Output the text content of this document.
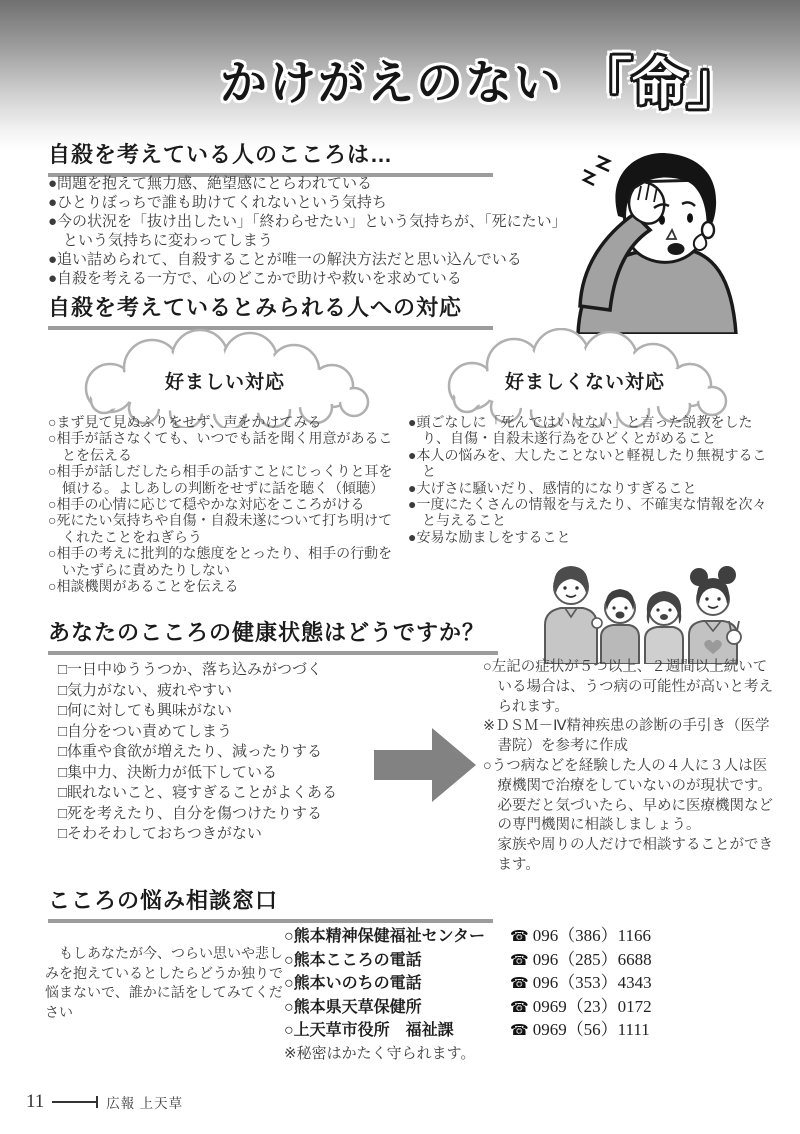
かけがえのない 「命」
自殺を考えている人のこころは…
●問題を抱えて無力感、絶望感にとらわれている
●ひとりぼっちで誰も助けてくれないという気持ち
●今の状況を「抜け出したい」「終わらせたい」という気持ちが、「死にたい」という気持ちに変わってしまう
●追い詰められて、自殺することが唯一の解決方法だと思い込んでいる
●自殺を考える一方で、心のどこかで助けや救いを求めている
自殺を考えているとみられる人への対応
好ましい対応	好ましくない対応
○まず見て見ぬふりをせず、声をかけてみる
○相手が話さなくても、いつでも話を聞く用意があることを伝える
○相手が話しだしたら相手の話すことにじっくりと耳を傾ける。よしあしの判断をせずに話を聴く（傾聴）
○相手の心情に応じて穏やかな対応をこころがける
○死にたい気持ちや自傷・自殺未遂について打ち明けてくれたことをねぎらう
○相手の考えに批判的な態度をとったり、相手の行動をいたずらに責めたりしない
○相談機関があることを伝える
●頭ごなしに「死んではいけない」と言った説教をしたり、自傷・自殺未遂行為をひどくとがめること
●本人の悩みを、大したことないと軽視したり無視すること
●大げさに騒いだり、感情的になりすぎること
●一度にたくさんの情報を与えたり、不確実な情報を次々と与えること
●安易な励ましをすること
あなたのこころの健康状態はどうですか？
□一日中ゆううつか、落ち込みがつづく
□気力がない、疲れやすい
□何に対しても興味がない
□自分をつい責めてしまう
□体重や食欲が増えたり、減ったりする
□集中力、決断力が低下している
□眠れないこと、寝すぎることがよくある
□死を考えたり、自分を傷つけたりする
□そわそわしておちつきがない
○左記の症状が５つ以上、２週間以上続いている場合は、うつ病の可能性が高いと考えられます。
※ＤＳＭ－Ⅳ精神疾患の診断の手引き（医学書院）を参考に作成
○うつ病などを経験した人の４人に３人は医療機関で治療をしていないのが現状です。必要だと気づいたら、早めに医療機関などの専門機関に相談しましょう。
家族や周りの人だけで相談することができます。
こころの悩み相談窓口
　もしあなたが今、つらい思いや悲しみを抱えているとしたらどうか独りで悩まないで、誰かに話をしてみてください
○熊本精神保健福祉センター	☎ 096（386）1166
○熊本こころの電話	☎ 096（285）6688
○熊本いのちの電話	☎ 096（353）4343
○熊本県天草保健所	☎ 0969（23）0172
○上天草市役所　福祉課	☎ 0969（56）1111
※秘密はかたく守られます。
11	広報 上天草
